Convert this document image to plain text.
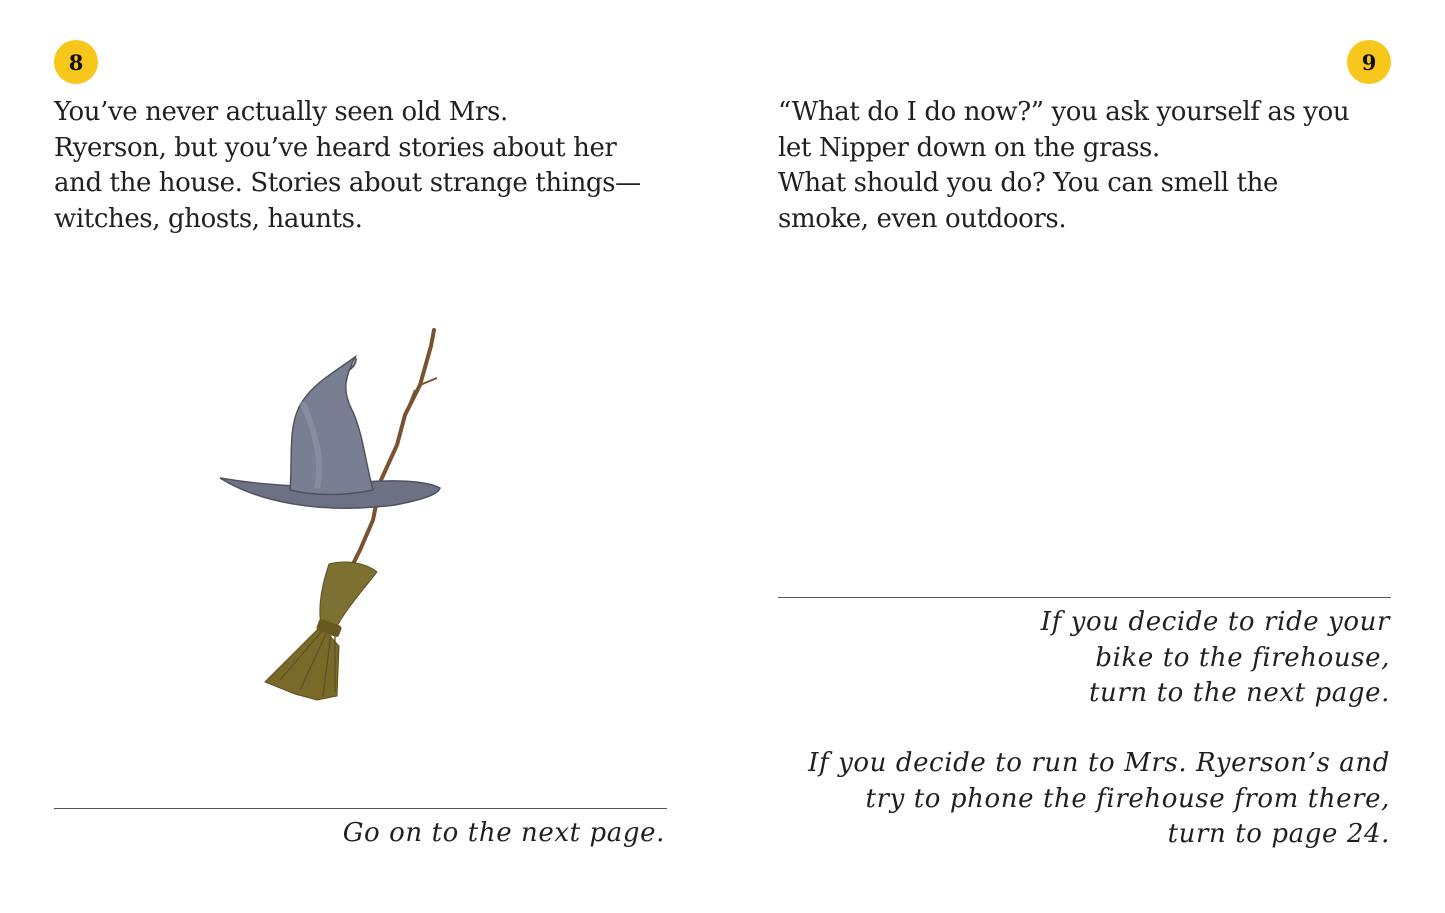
8

You’ve never actually seen old Mrs.
Ryerson, but you’ve heard stories about her
and the house. Stories about strange things—
witches, ghosts, haunts.

Go on to the next page.

9

“What do I do now?” you ask yourself as you
let Nipper down on the grass.

What should you do? You can smell the
smoke, even outdoors.

If you decide to ride your
bike to the firehouse,
turn to the next page.

If you decide to run to Mrs. Ryerson’s and
try to phone the firehouse from there,
turn to page 24.
